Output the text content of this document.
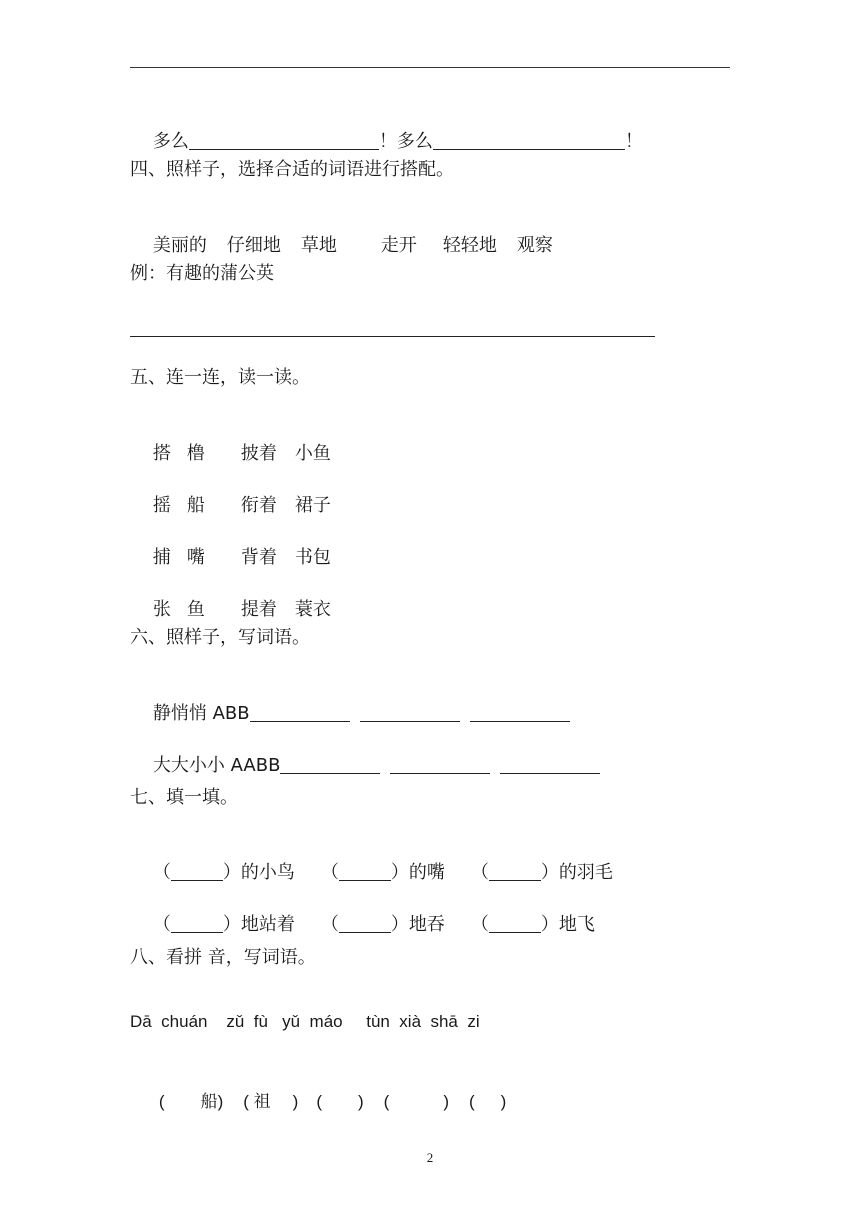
多么	！多么	！

四、照样子，选择合适的词语进行搭配。

美丽的 仔细地 草地 走开 轻轻地 观察

例：有趣的蒲公英
五、连一连，读一读。

搭 橹 披着 小鱼

摇 船 衔着 裙子

捕 嘴 背着 书包

张 鱼 提着 蓑衣

六、照样子，写词语。

静悄悄 ABB

大大小小 AABB

七、填一填。

（	）的小鸟 （	）的嘴 （	）的羽毛

（	）地站着 （	）地吞 （	）地飞

八、看拼 音，写词语。
Dā  chuán    zǔ  fù   yǔ  máo     tùn  xià  shā  zi

( 船) ( 祖 ) ( ) (	) ( )

2
